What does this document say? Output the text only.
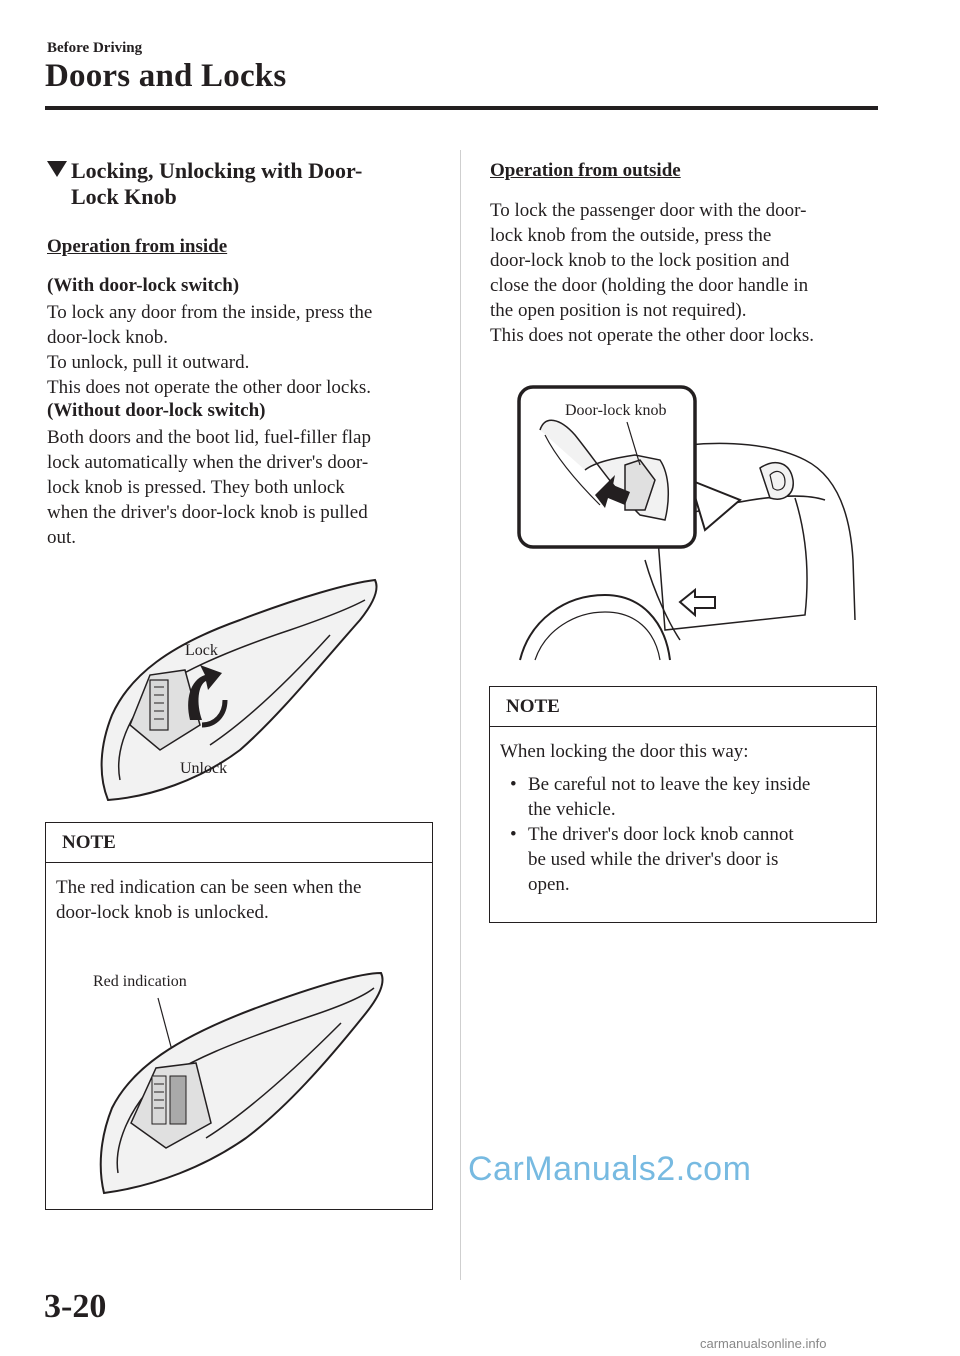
Before Driving
Doors and Locks
Locking, Unlocking with Door-
Lock Knob
Operation from inside
(With door-lock switch)
To lock any door from the inside, press the
door-lock knob.
To unlock, pull it outward.
This does not operate the other door locks.
(Without door-lock switch)
Both doors and the boot lid, fuel-filler flap
lock automatically when the driver's door-
lock knob is pressed. They both unlock
when the driver's door-lock knob is pulled
out.
Lock
Unlock
NOTE
The red indication can be seen when the
door-lock knob is unlocked.
Red indication
Operation from outside
To lock the passenger door with the door-
lock knob from the outside, press the
door-lock knob to the lock position and
close the door (holding the door handle in
the open position is not required).
This does not operate the other door locks.
Door-lock knob
NOTE
When locking the door this way:
• Be careful not to leave the key inside
the vehicle.
• The driver's door lock knob cannot
be used while the driver's door is
open.
CarManuals2.com
3-20
carmanualsonline.info
